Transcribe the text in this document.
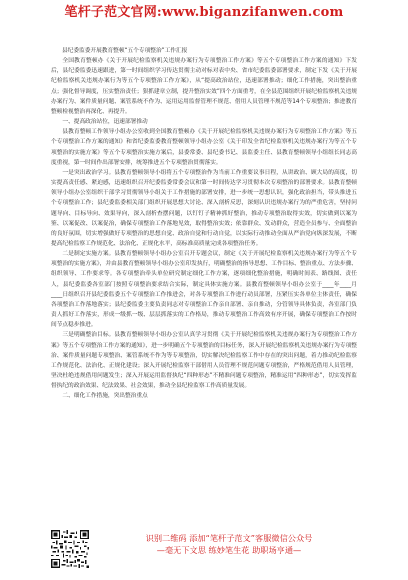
笔杆子范文官网:www.biganzifanwen.com

县纪委监委开展教育整顿“五个专项整治”工作汇报

全国教育整顿办《关于开展纪检监察机关违规办案行为专项整治工作方案》等五个专项整治工作方案的通知》下发后，县纪委监委迅速跟进，第一时间组织学习传达贯彻主动对标对表中央、省市纪委监委部署要求，制定下发《关于开展纪检监察机关违规办案行为等五个专项整治工作方案》，从“提高政治站位，迅速部署推动；细化工作措施，突出整治重点；强化督导调度，压实整治责任；狠抓建章立制，提升整治实效”四个方面重考，在全县范围组织开展纪检监察机关违规办案行为、案件质量问题、案管系统不作为、运用运用监督管理不规范、借用人员管理不规范等14个专项整治；推进教育整顿检视整治再深化、再提升。

一、提高政治站位，迅速部署推动

县教育整顿工作领导小组办公室收到全国教育整顿办《关于开展纪检监察机关违规办案行为专项整治工作方案》等五个专项整治工作方案的通知》和省纪委监委教育整顿领导小组办公室《关于印发全省纪检监察机关违规办案行为等五个专项整治的实施方案》等五个专项整治实施方案后，县委常委、县纪委书记、县监委主任、县教育整顿领导小组组长同志高度重视，第一时间作出部署安排，统筹推进五个专项整治贯彻落实。

一是突出政治学习。县教育整顿领导小组将五个专项整治作为当前工作重要议事日程，从讲政治、顾大局的高度，切实提高责任感、紧迫感，迅速组织召开纪委监委常委会议和第一时间传达学习贯彻本次专项整治的部署要求。县教育整顿领导小组办公室组织干部学习贯彻领导小组关于工作措施的部署安排，进一步统一思想认识，强化政治担当，带头推进五个专项整治工作；县纪委监委相关部门组织开展思想大讨论、深入剖析反思，深刻认识违规办案行为的严重危害，坚持问题导向、目标导向、效果导向，深入剖析查摆问题，以钉钉子精神抓好整治，推动专项整治取得实效，切实做到以案为鉴、以案促改、以案促治，确保专项整治工作落地见效，取得整治实效；依靠群众、发动群众，营造全员参与、全面整治的良好氛围，切实增强做好专项整治的思想自觉、政治自觉和行动自觉，以实际行动推动全面从严治党向纵深发展，不断提高纪检监察工作规范化、法治化、正规化水平，高标准高质量完成各项整治任务。

二是制定实施方案。县教育整顿领导小组办公室召开专题会议，制定《关于开展纪检监察机关违规办案行为等五个专项整治的实施方案》，并由县教育整顿领导小组办公室印发执行，明确整治的指导思想、工作目标、整治重点、方法步骤、组织领导、工作要求等。各专项整治牵头单位研究制定细化工作方案，逐项细化整治措施，明确时间表、路线图、责任人，县纪委监委各室部门按照专项整治要求结合实际，制定具体实施方案。县教育整顿领导小组办公室于____年____月____日组织召开县纪委监委五个专项整治工作推进会，对各专项整治工作进行动员部署，压紧压实各单位主体责任，确保各项整治工作落地落实；县纪委监委主要负责同志对专项整治工作亲自部署、亲自推动，分管领导具体负责，各室部门负责人抓好工作落实，形成一级抓一级、层层抓落实的工作格局，推动专项整治工作高效有序开展，确保专项整治工作按时间节点稳步推进。

三是明确整治目标。县教育整顿领导小组办公室认真学习贯彻《关于开展纪检监察机关违规办案行为专项整治工作方案》等五个专项整治工作方案的通知》，进一步明确五个专项整治的目标任务，深入开展纪检监察机关违规办案行为专项整治、案件质量问题专项整治、案管系统不作为等专项整治，切实解决纪检监察工作中存在的突出问题，着力推动纪检监察工作规范化、法治化、正规化建设；深入开展纪检监察干部借用人员管理不规范问题专项整治，严格规范借用人员管理，坚决杜绝违规借用问题发生；深入开展运用监督执纪“四种形态”不精准问题专项整治，精准运用“四种形态”，切实发挥监督执纪的政治效果、纪法效果、社会效果，推动全县纪检监察工作高质量发展。

二、细化工作措施，突出整治重点

识别二维码 添加“笔杆子范文”客服微信公众号
—毫无下文思 练妙笔生花 助职场亨通—
